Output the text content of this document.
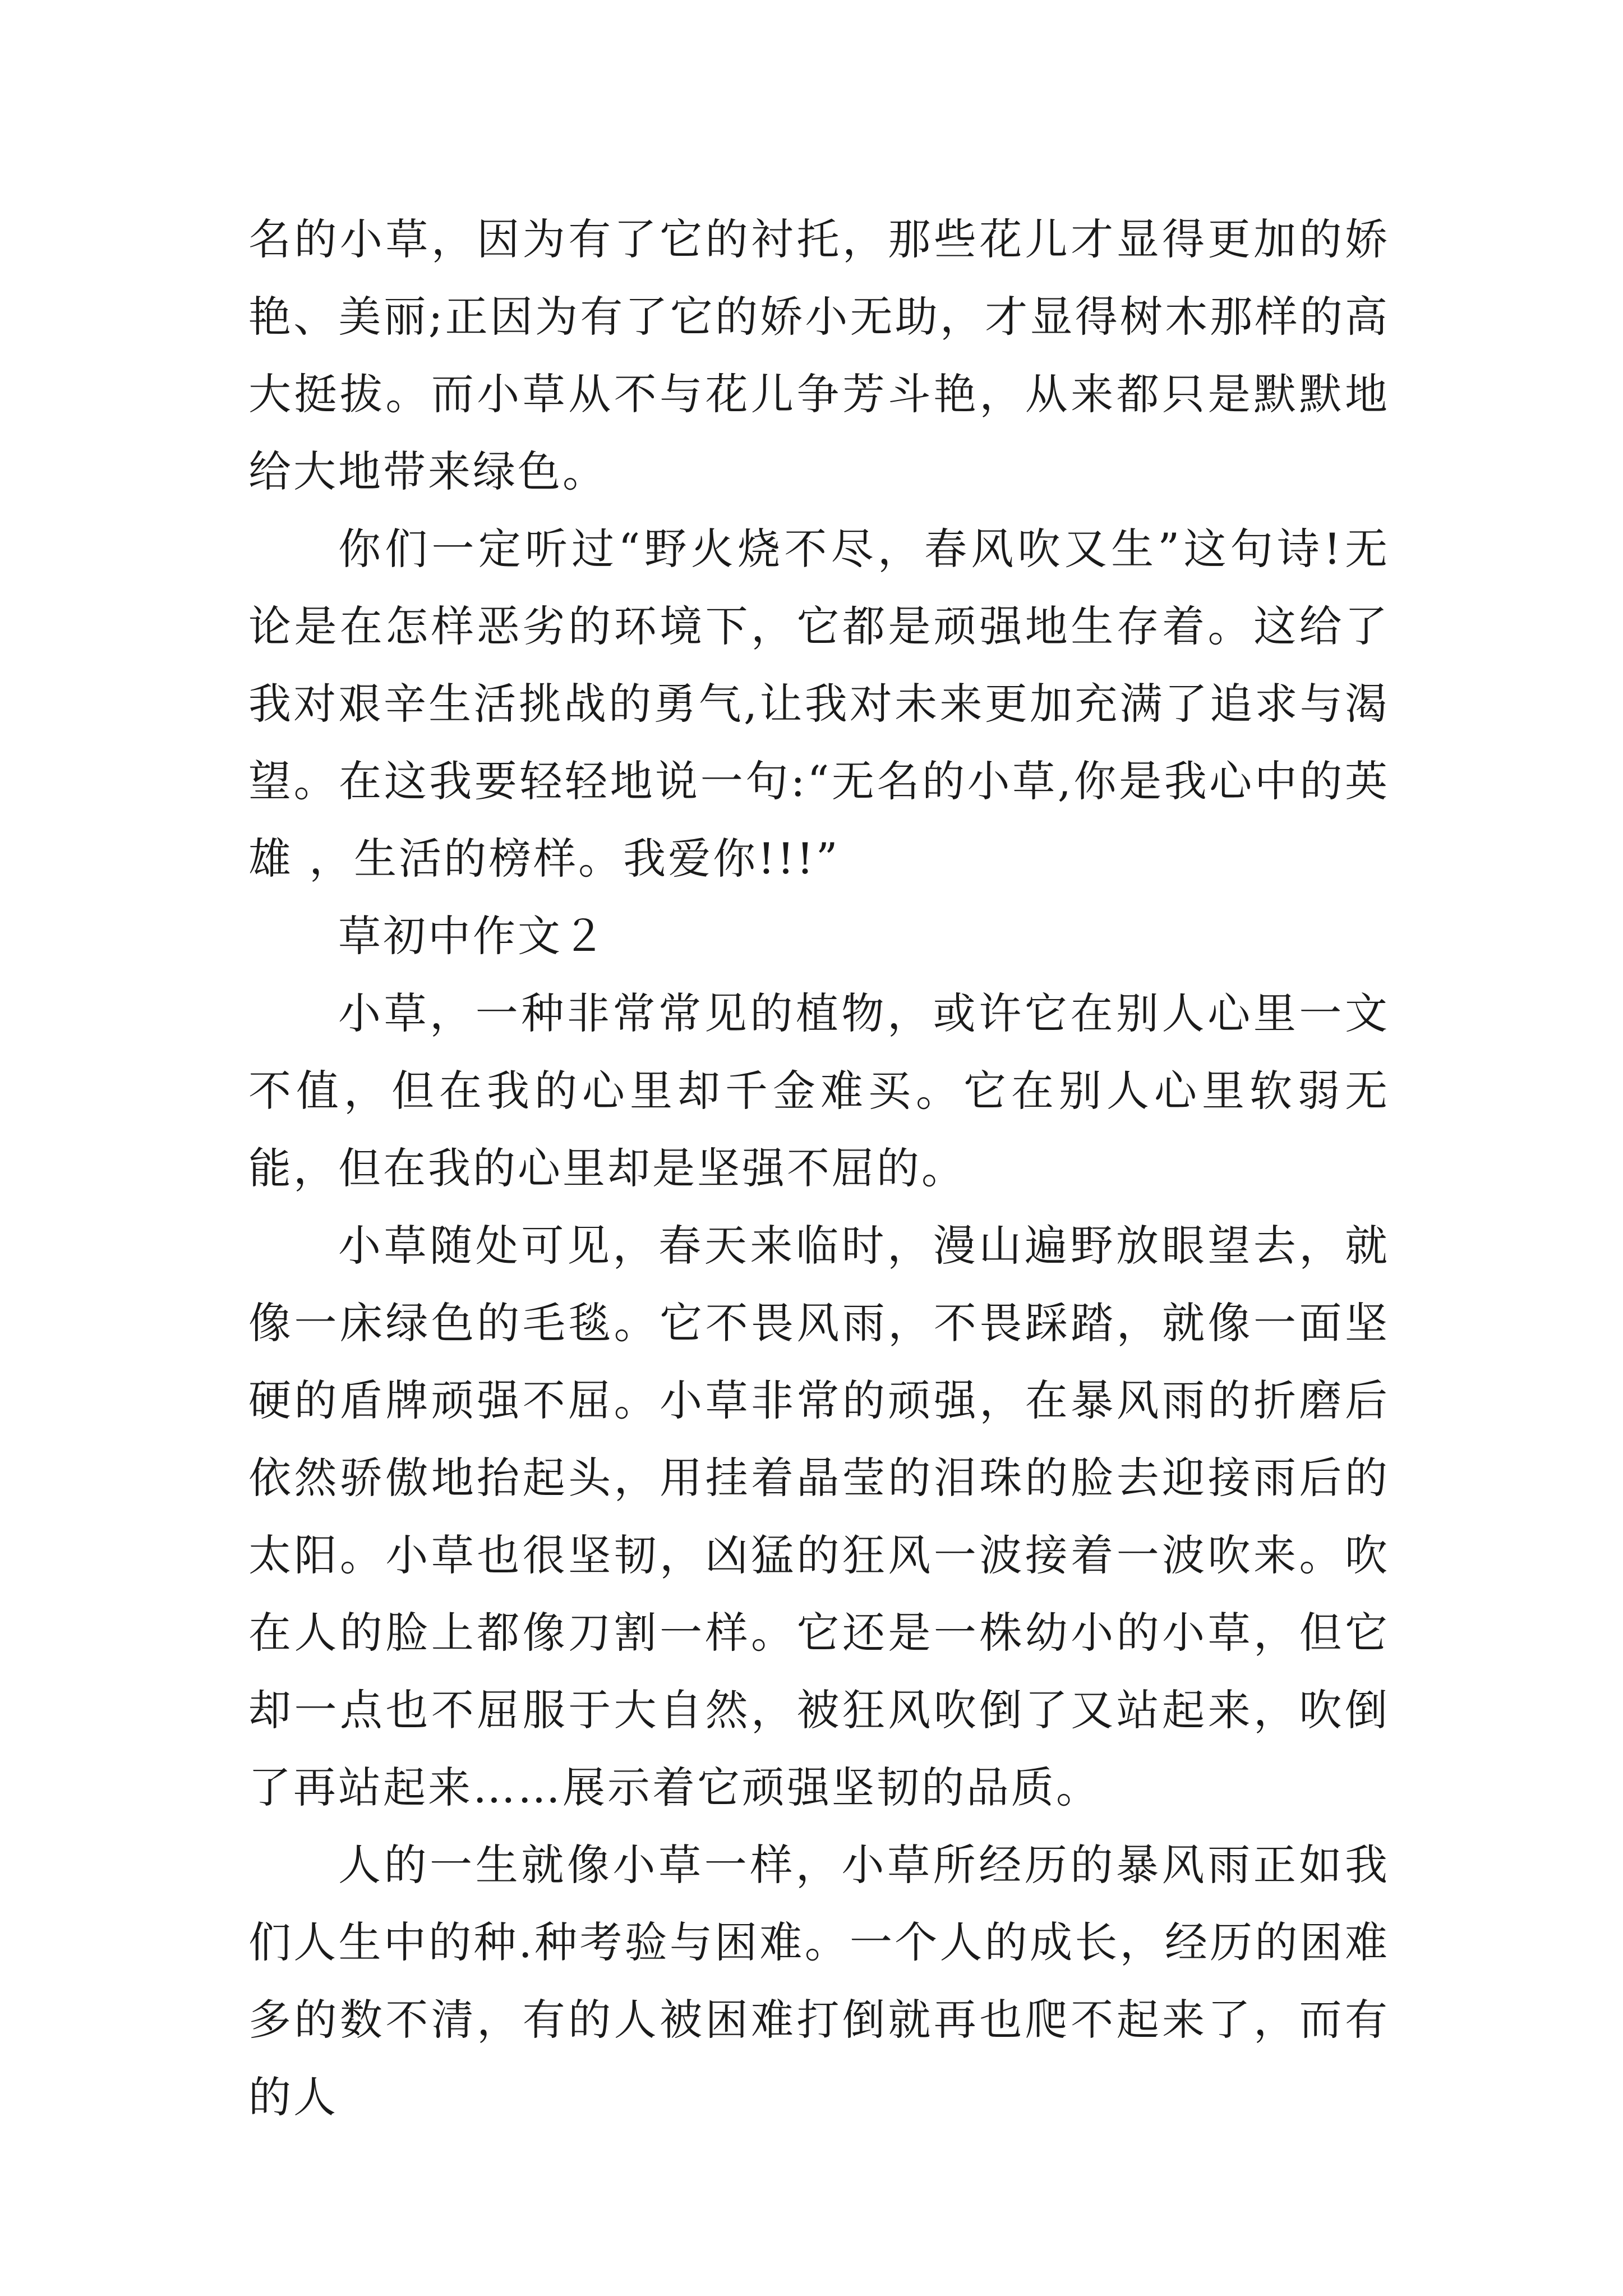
名的小草，因为有了它的衬托，那些花儿才显得更加的娇艳、美丽;正因为有了它的娇小无助，才显得树木那样的高大挺拔。而小草从不与花儿争芳斗艳，从来都只是默默地给大地带来绿色。

你们一定听过“野火烧不尽，春风吹又生”这句诗!无论是在怎样恶劣的环境下，它都是顽强地生存着。这给了我对艰辛生活挑战的勇气,让我对未来更加充满了追求与渴望。在这我要轻轻地说一句:“无名的小草,你是我心中的英雄 ，生活的榜样。我爱你!!!”

草初中作文２

小草，一种非常常见的植物，或许它在别人心里一文不值，但在我的心里却千金难买。它在别人心里软弱无能，但在我的心里却是坚强不屈的。

小草随处可见，春天来临时，漫山遍野放眼望去，就像一床绿色的毛毯。它不畏风雨，不畏踩踏，就像一面坚硬的盾牌顽强不屈。小草非常的顽强，在暴风雨的折磨后依然骄傲地抬起头，用挂着晶莹的泪珠的脸去迎接雨后的太阳。小草也很坚韧，凶猛的狂风一波接着一波吹来。吹在人的脸上都像刀割一样。它还是一株幼小的小草，但它却一点也不屈服于大自然，被狂风吹倒了又站起来，吹倒了再站起来……展示着它顽强坚韧的品质。

人的一生就像小草一样，小草所经历的暴风雨正如我们人生中的种.种考验与困难。一个人的成长，经历的困难多的数不清，有的人被困难打倒就再也爬不起来了，而有的人
